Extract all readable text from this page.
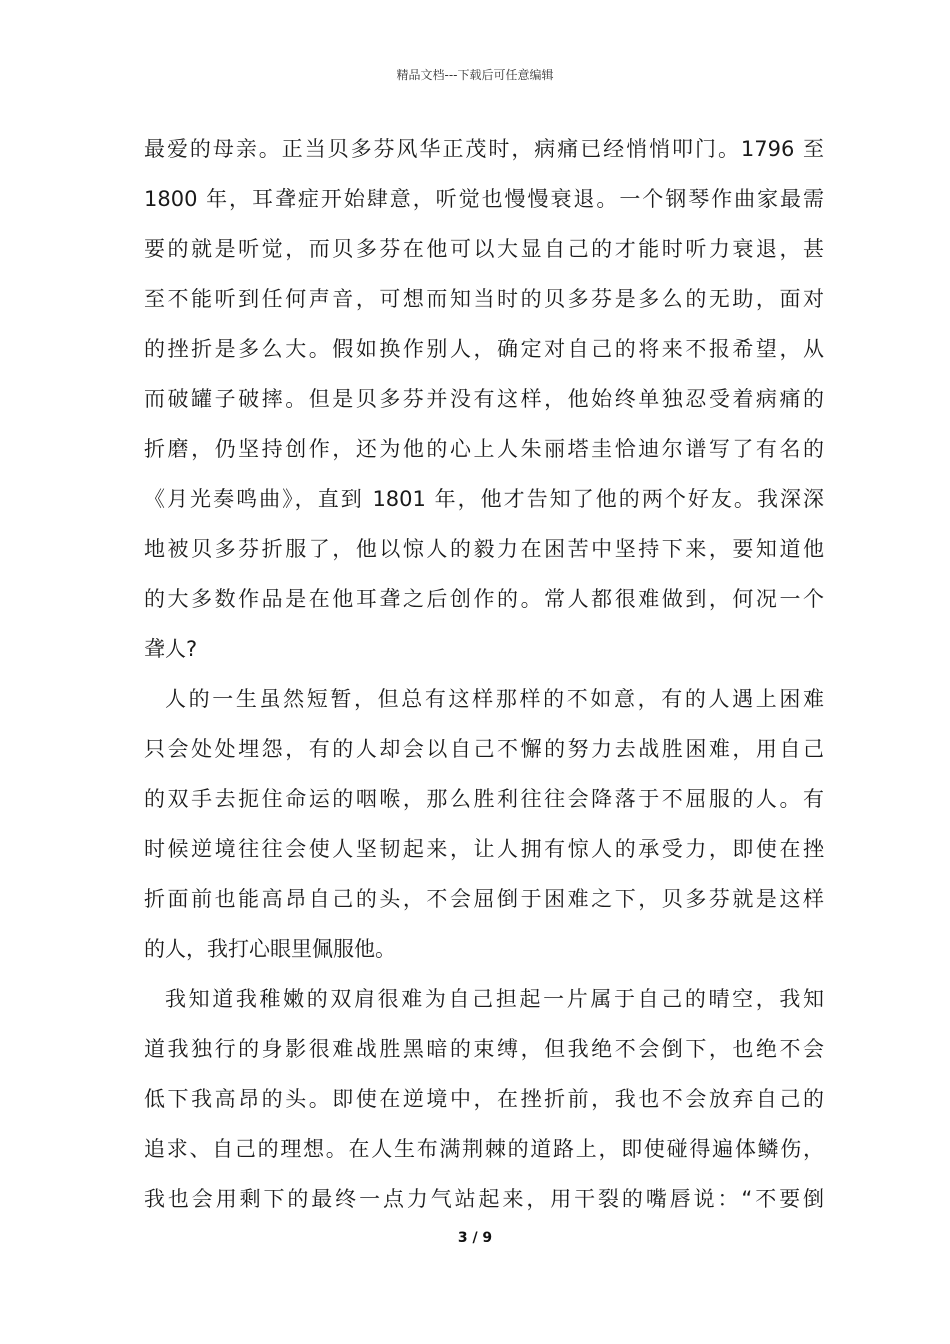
精品文档---下载后可任意编辑
最爱的母亲。正当贝多芬风华正茂时，病痛已经悄悄叩门。1796 至
1800 年，耳聋症开始肆意，听觉也慢慢衰退。一个钢琴作曲家最需
要的就是听觉，而贝多芬在他可以大显自己的才能时听力衰退，甚
至不能听到任何声音，可想而知当时的贝多芬是多么的无助，面对
的挫折是多么大。假如换作别人，确定对自己的将来不报希望，从
而破罐子破摔。但是贝多芬并没有这样，他始终单独忍受着病痛的
折磨，仍坚持创作，还为他的心上人朱丽塔圭恰迪尔谱写了有名的
《月光奏鸣曲》，直到 1801 年，他才告知了他的两个好友。我深深
地被贝多芬折服了，他以惊人的毅力在困苦中坚持下来，要知道他
的大多数作品是在他耳聋之后创作的。常人都很难做到，何况一个
聋人?
人的一生虽然短暂，但总有这样那样的不如意，有的人遇上困难
只会处处埋怨，有的人却会以自己不懈的努力去战胜困难，用自己
的双手去扼住命运的咽喉，那么胜利往往会降落于不屈服的人。有
时候逆境往往会使人坚韧起来，让人拥有惊人的承受力，即使在挫
折面前也能高昂自己的头，不会屈倒于困难之下，贝多芬就是这样
的人，我打心眼里佩服他。
我知道我稚嫩的双肩很难为自己担起一片属于自己的晴空，我知
道我独行的身影很难战胜黑暗的束缚，但我绝不会倒下，也绝不会
低下我高昂的头。即使在逆境中，在挫折前，我也不会放弃自己的
追求、自己的理想。在人生布满荆棘的道路上，即使碰得遍体鳞伤，
我也会用剩下的最终一点力气站起来，用干裂的嘴唇说：“不要倒
3 / 9
